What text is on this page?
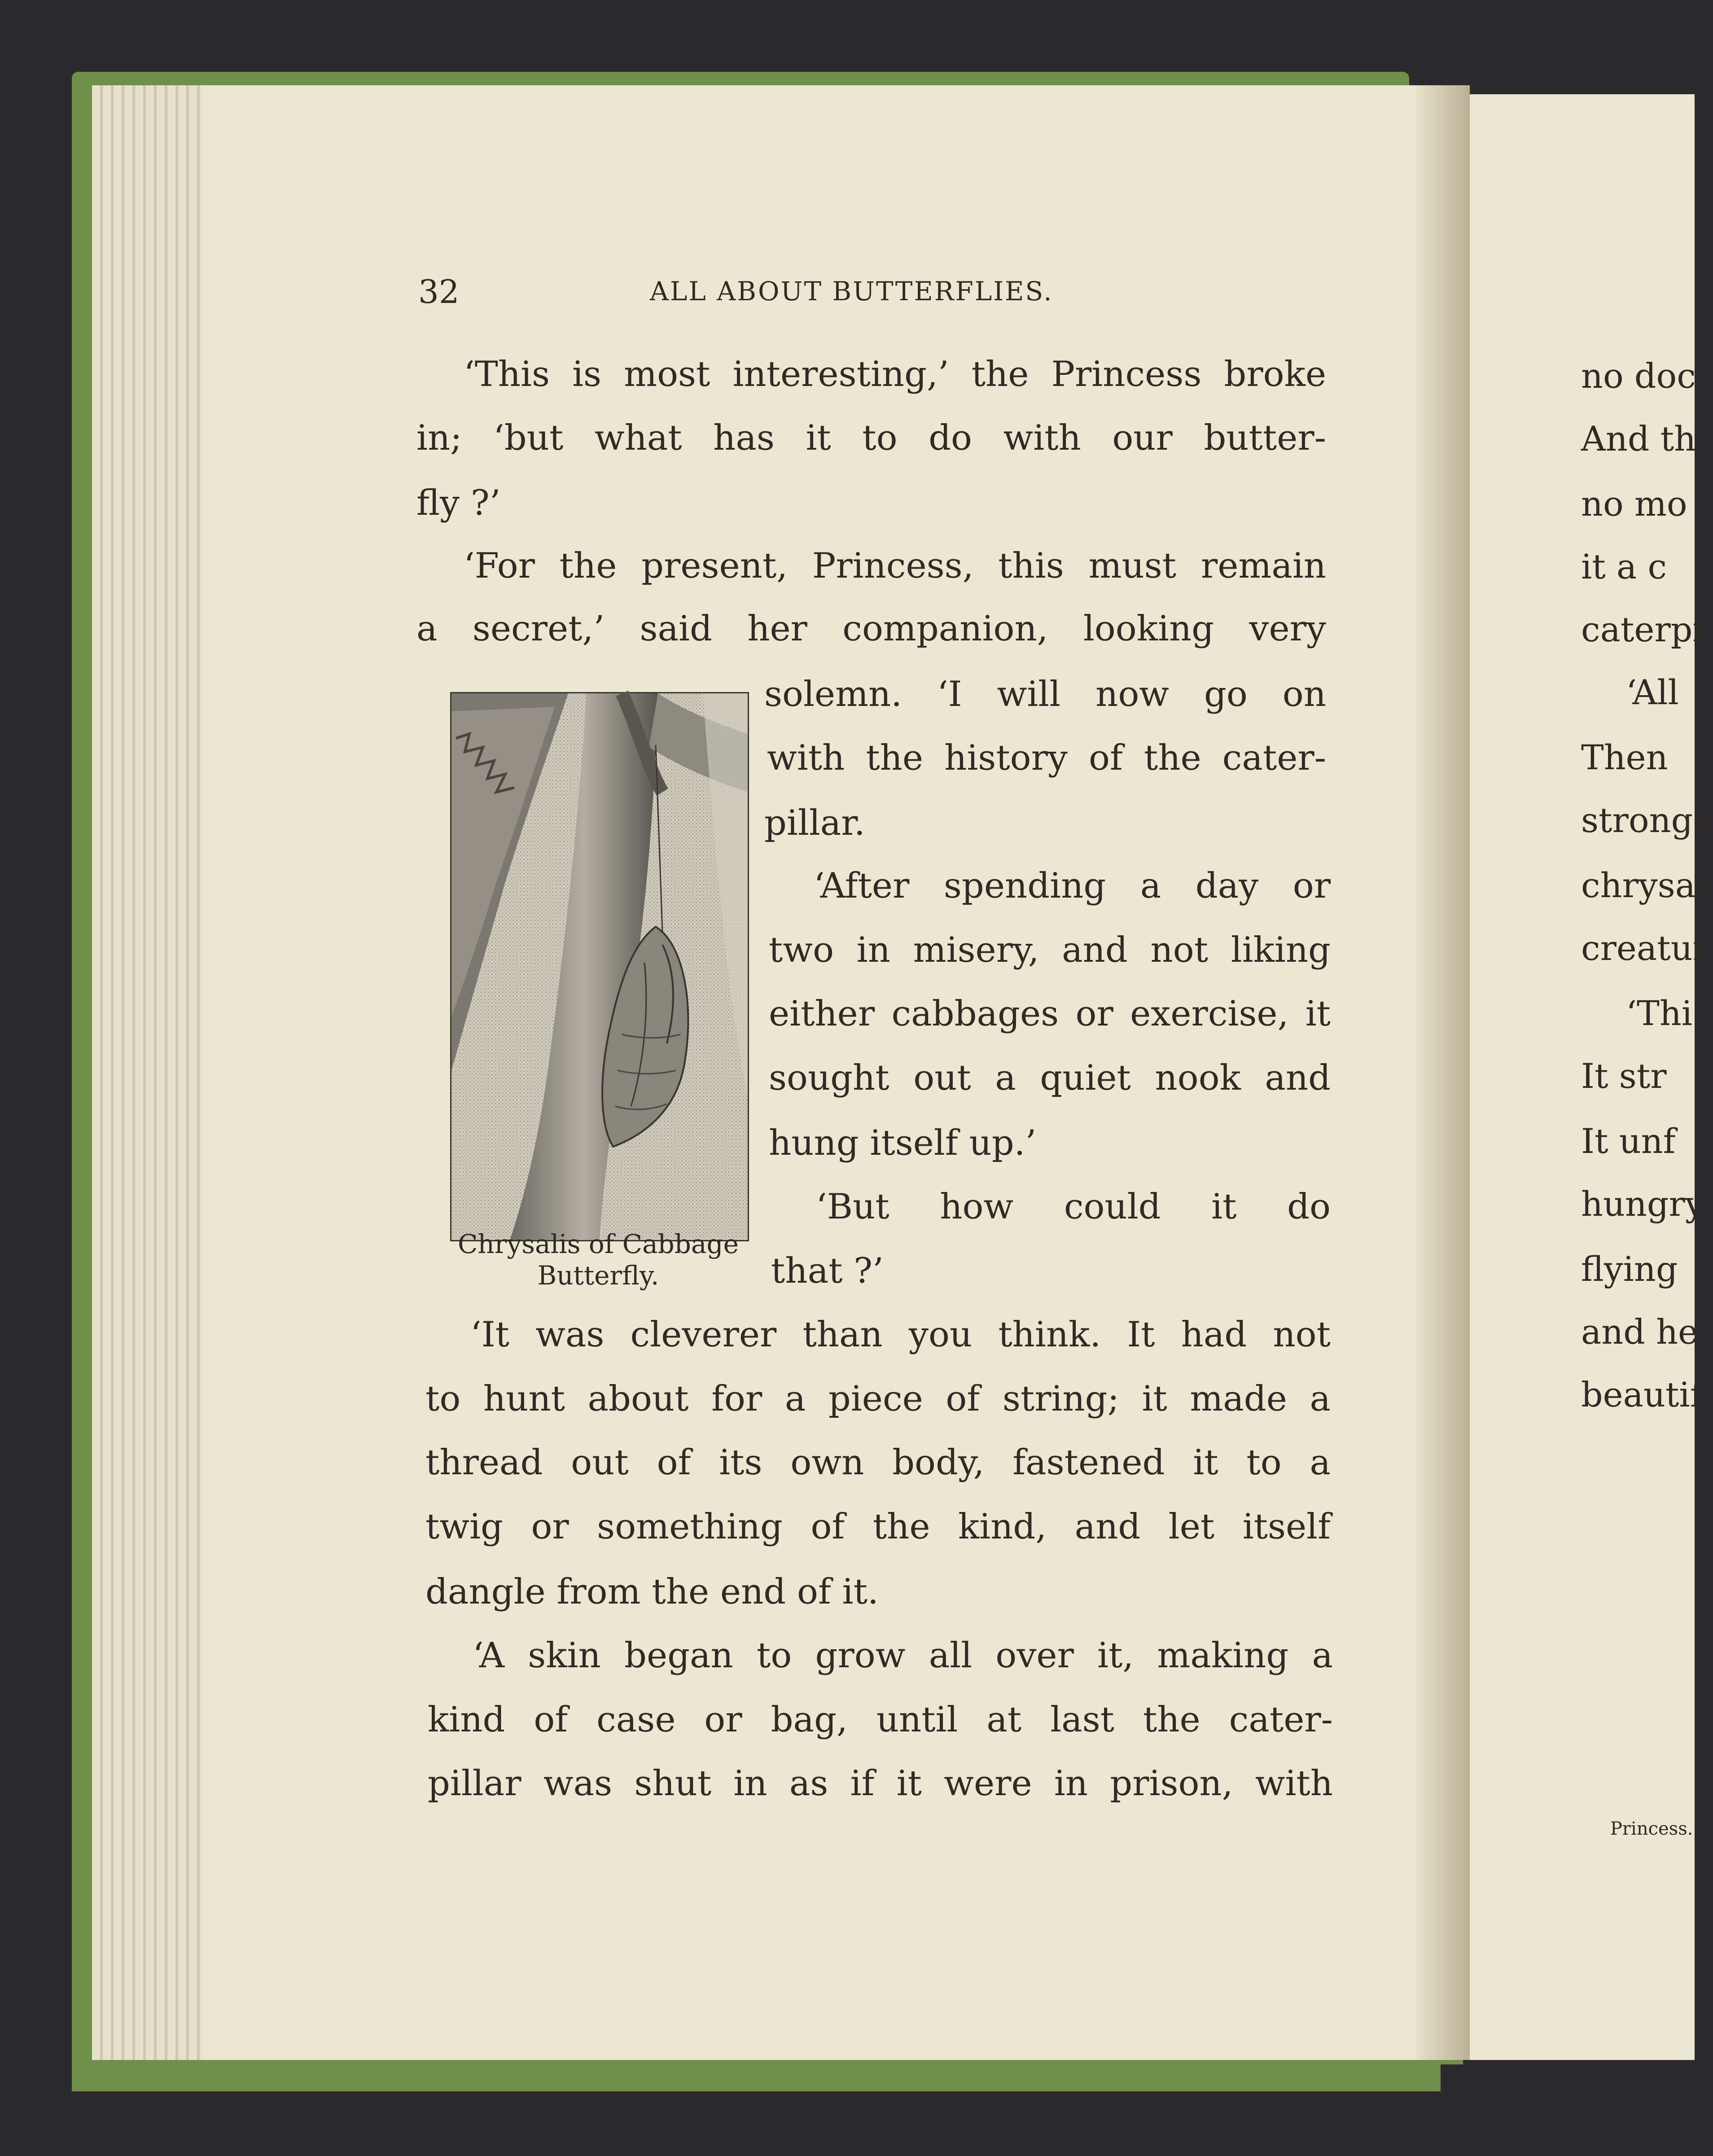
32	ALL ABOUT BUTTERFLIES.
‘This is most interesting,’ the Princess broke
in; ‘but what has it to do with our butter-
fly ?’
‘For the present, Princess, this must remain
a secret,’ said her companion, looking very
solemn. ‘I will now go on
with the history of the cater-
pillar.
‘After spending a day or
two in misery, and not liking
either cabbages or exercise, it
sought out a quiet nook and
hung itself up.’
‘But how could it do
that ?’
Chrysalis of Cabbage
Butterfly.
‘It was cleverer than you think. It had not
to hunt about for a piece of string; it made a
thread out of its own body, fastened it to a
twig or something of the kind, and let itself
dangle from the end of it.
‘A skin began to grow all over it, making a
kind of case or bag, until at last the cater-
pillar was shut in as if it were in prison, with
no doc
And th
no mo
it a c
caterpi
‘All
Then
stronge
chrysal
creatur
‘Thi
It str
It unf
hungry
flying
and he
beautif
Princess.
